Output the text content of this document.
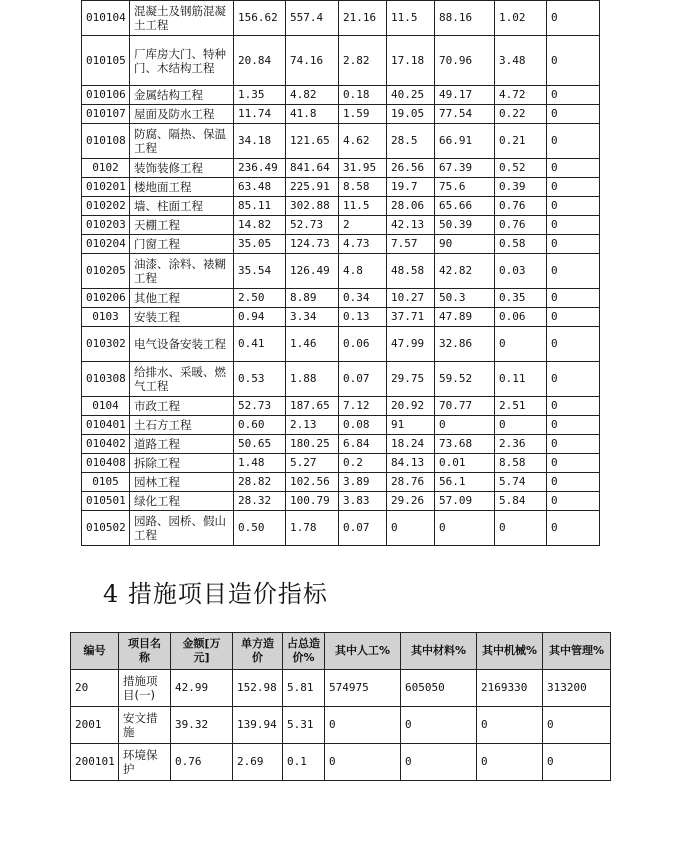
010104	混凝土及钢筋混凝土工程	156.62	557.4	21.16	11.5	88.16	1.02	0
010105	厂库房大门、特种门、木结构工程	20.84	74.16	2.82	17.18	70.96	3.48	0
010106	金属结构工程	1.35	4.82	0.18	40.25	49.17	4.72	0
010107	屋面及防水工程	11.74	41.8	1.59	19.05	77.54	0.22	0
010108	防腐、隔热、保温工程	34.18	121.65	4.62	28.5	66.91	0.21	0
0102	装饰装修工程	236.49	841.64	31.95	26.56	67.39	0.52	0
010201	楼地面工程	63.48	225.91	8.58	19.7	75.6	0.39	0
010202	墙、柱面工程	85.11	302.88	11.5	28.06	65.66	0.76	0
010203	天棚工程	14.82	52.73	2	42.13	50.39	0.76	0
010204	门窗工程	35.05	124.73	4.73	7.57	90	0.58	0
010205	油漆、涂料、裱糊工程	35.54	126.49	4.8	48.58	42.82	0.03	0
010206	其他工程	2.50	8.89	0.34	10.27	50.3	0.35	0
0103	安装工程	0.94	3.34	0.13	37.71	47.89	0.06	0
010302	电气设备安装工程	0.41	1.46	0.06	47.99	32.86	0	0
010308	给排水、采暖、燃气工程	0.53	1.88	0.07	29.75	59.52	0.11	0
0104	市政工程	52.73	187.65	7.12	20.92	70.77	2.51	0
010401	土石方工程	0.60	2.13	0.08	91	0	0	0
010402	道路工程	50.65	180.25	6.84	18.24	73.68	2.36	0
010408	拆除工程	1.48	5.27	0.2	84.13	0.01	8.58	0
0105	园林工程	28.82	102.56	3.89	28.76	56.1	5.74	0
010501	绿化工程	28.32	100.79	3.83	29.26	57.09	5.84	0
010502	园路、园桥、假山工程	0.50	1.78	0.07	0	0	0	0
4 措施项目造价指标
编号	项目名称	金额[万元]	单方造价	占总造价%	其中人工%	其中材料%	其中机械%	其中管理%
20	措施项目(一)	42.99	152.98	5.81	574975	605050	2169330	313200
2001	安文措施	39.32	139.94	5.31	0	0	0	0
200101	环境保护	0.76	2.69	0.1	0	0	0	0
